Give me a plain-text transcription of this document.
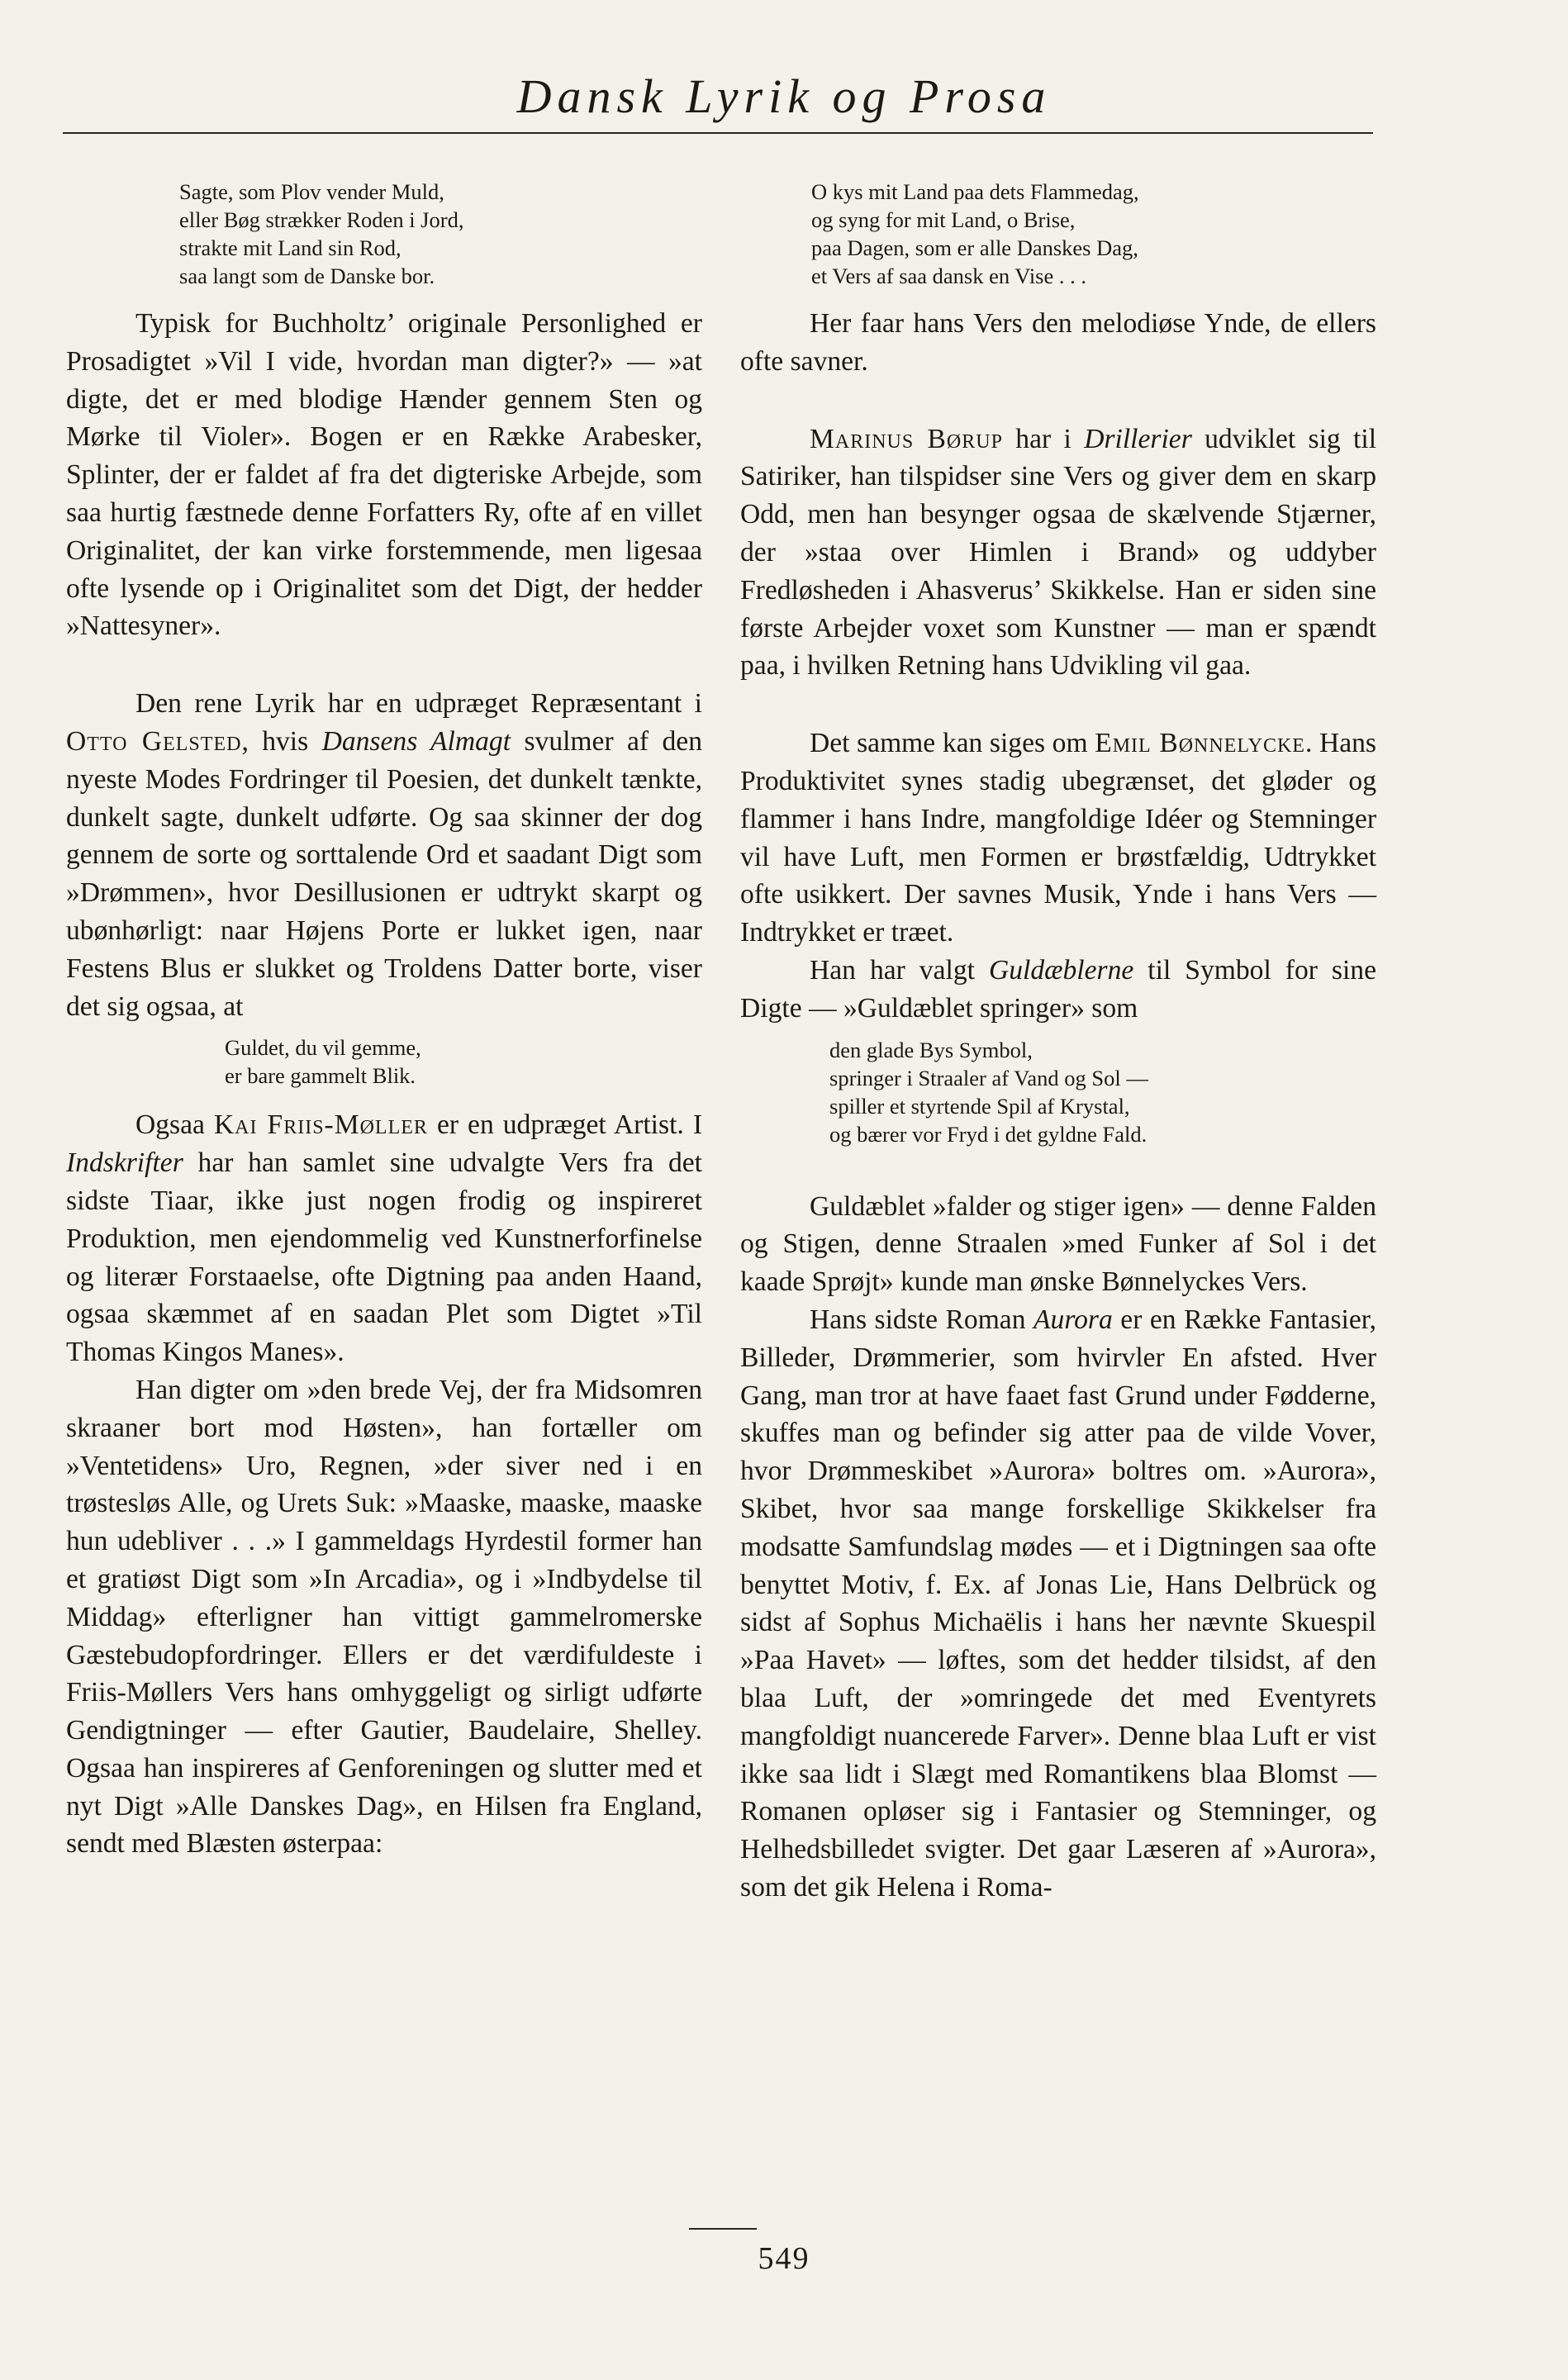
Dansk Lyrik og Prosa
Sagte, som Plov vender Muld,
eller Bøg strækker Roden i Jord,
strakte mit Land sin Rod,
saa langt som de Danske bor.

Typisk for Buchholtz’ originale Personlighed er Prosadigtet »Vil I vide, hvordan man digter?» — »at digte, det er med blodige Hænder gennem Sten og Mørke til Violer». Bogen er en Række Arabesker, Splinter, der er faldet af fra det digteriske Arbejde, som saa hurtig fæstnede denne Forfatters Ry, ofte af en villet Originalitet, der kan virke forstemmende, men ligesaa ofte lysende op i Originalitet som det Digt, der hedder »Nattesyner».

Den rene Lyrik har en udpræget Repræsentant i Otto Gelsted, hvis Dansens Almagt svulmer af den nyeste Modes Fordringer til Poesien, det dunkelt tænkte, dunkelt sagte, dunkelt udførte. Og saa skinner der dog gennem de sorte og sorttalende Ord et saadant Digt som »Drømmen», hvor Desillusionen er udtrykt skarpt og ubønhørligt: naar Højens Porte er lukket igen, naar Festens Blus er slukket og Troldens Datter borte, viser det sig ogsaa, at

Guldet, du vil gemme,
er bare gammelt Blik.

Ogsaa Kai Friis-Møller er en udpræget Artist. I Indskrifter har han samlet sine udvalgte Vers fra det sidste Tiaar, ikke just nogen frodig og inspireret Produktion, men ejendommelig ved Kunstnerforfinelse og literær Forstaaelse, ofte Digtning paa anden Haand, ogsaa skæmmet af en saadan Plet som Digtet »Til Thomas Kingos Manes».

Han digter om »den brede Vej, der fra Midsomren skraaner bort mod Høsten», han fortæller om »Ventetidens» Uro, Regnen, »der siver ned i en trøstesløs Alle, og Urets Suk: »Maaske, maaske, maaske hun udebliver . . .» I gammeldags Hyrdestil former han et gratiøst Digt som »In Arcadia», og i »Indbydelse til Middag» efterligner han vittigt gammelromerske Gæstebudopfordringer. Ellers er det værdifuldeste i Friis-Møllers Vers hans omhyggeligt og sirligt udførte Gendigtninger — efter Gautier, Baudelaire, Shelley. Ogsaa han inspireres af Genforeningen og slutter med et nyt Digt »Alle Danskes Dag», en Hilsen fra England, sendt med Blæsten østerpaa:

O kys mit Land paa dets Flammedag,
og syng for mit Land, o Brise,
paa Dagen, som er alle Danskes Dag,
et Vers af saa dansk en Vise . . .

Her faar hans Vers den melodiøse Ynde, de ellers ofte savner.

Marinus Børup har i Drillerier udviklet sig til Satiriker, han tilspidser sine Vers og giver dem en skarp Odd, men han besynger ogsaa de skælvende Stjærner, der »staa over Himlen i Brand» og uddyber Fredløsheden i Ahasverus’ Skikkelse. Han er siden sine første Arbejder voxet som Kunstner — man er spændt paa, i hvilken Retning hans Udvikling vil gaa.

Det samme kan siges om Emil Bønnelycke. Hans Produktivitet synes stadig ubegrænset, det gløder og flammer i hans Indre, mangfoldige Idéer og Stemninger vil have Luft, men Formen er brøstfældig, Udtrykket ofte usikkert. Der savnes Musik, Ynde i hans Vers — Indtrykket er træet.

Han har valgt Guldæblerne til Symbol for sine Digte — »Guldæblet springer» som

den glade Bys Symbol,
springer i Straaler af Vand og Sol —
spiller et styrtende Spil af Krystal,
og bærer vor Fryd i det gyldne Fald.

Guldæblet »falder og stiger igen» — denne Falden og Stigen, denne Straalen »med Funker af Sol i det kaade Sprøjt» kunde man ønske Bønnelyckes Vers.

Hans sidste Roman Aurora er en Række Fantasier, Billeder, Drømmerier, som hvirvler En afsted. Hver Gang, man tror at have faaet fast Grund under Fødderne, skuffes man og befinder sig atter paa de vilde Vover, hvor Drømmeskibet »Aurora» boltres om. »Aurora», Skibet, hvor saa mange forskellige Skikkelser fra modsatte Samfundslag mødes — et i Digtningen saa ofte benyttet Motiv, f. Ex. af Jonas Lie, Hans Delbrück og sidst af Sophus Michaëlis i hans her nævnte Skuespil »Paa Havet» — løftes, som det hedder tilsidst, af den blaa Luft, der »omringede det med Eventyrets mangfoldigt nuancerede Farver». Denne blaa Luft er vist ikke saa lidt i Slægt med Romantikens blaa Blomst — Romanen opløser sig i Fantasier og Stemninger, og Helhedsbilledet svigter. Det gaar Læseren af »Aurora», som det gik Helena i Roma-

549
